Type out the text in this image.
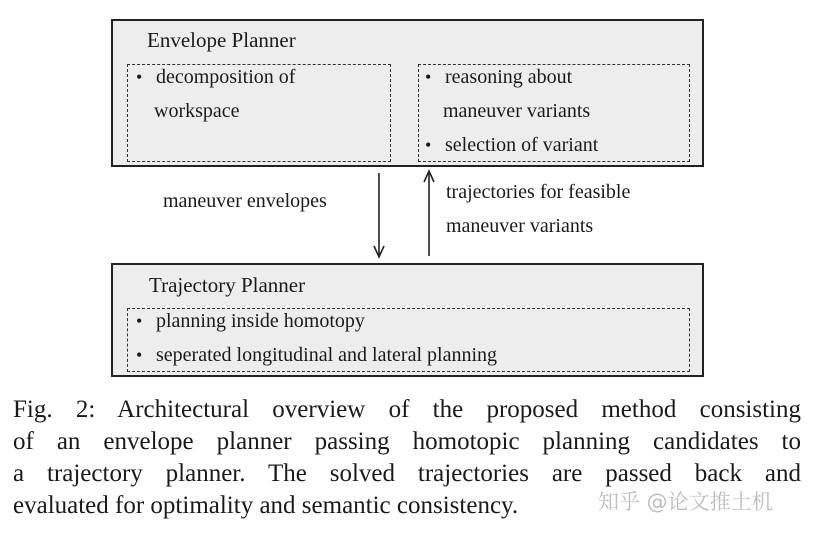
Envelope Planner
• decomposition of
workspace
• reasoning about
maneuver variants
• selection of variant
maneuver envelopes	trajectories for feasible
maneuver variants
Trajectory Planner
• planning inside homotopy
• seperated longitudinal and lateral planning
Fig. 2: Architectural overview of the proposed method consisting
of an envelope planner passing homotopic planning candidates to
a trajectory planner. The solved trajectories are passed back and
evaluated for optimality and semantic consistency.	知乎 @论文推土机
